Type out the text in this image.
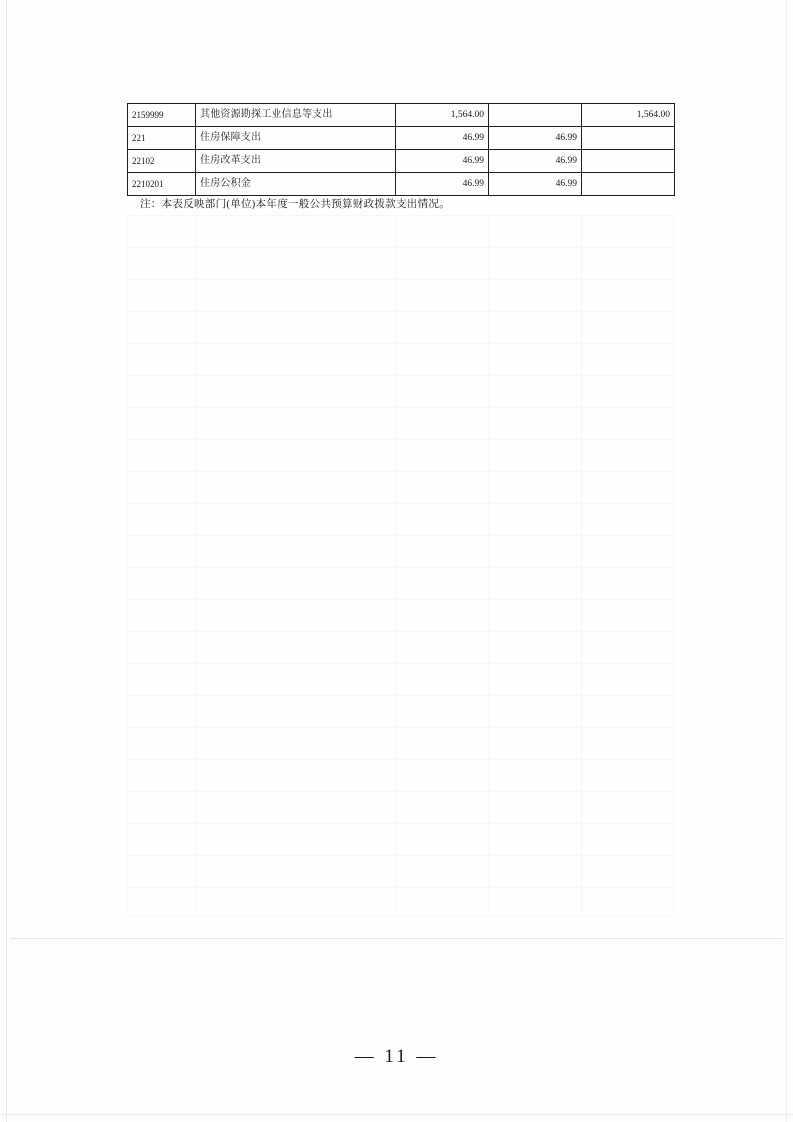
2159999	其他资源勘探工业信息等支出	1,564.00		1,564.00
221	住房保障支出	46.99	46.99	
22102	住房改革支出	46.99	46.99	
2210201	住房公积金	46.99	46.99	
注：本表反映部门(单位)本年度一般公共预算财政拨款支出情况。
— 11 —
